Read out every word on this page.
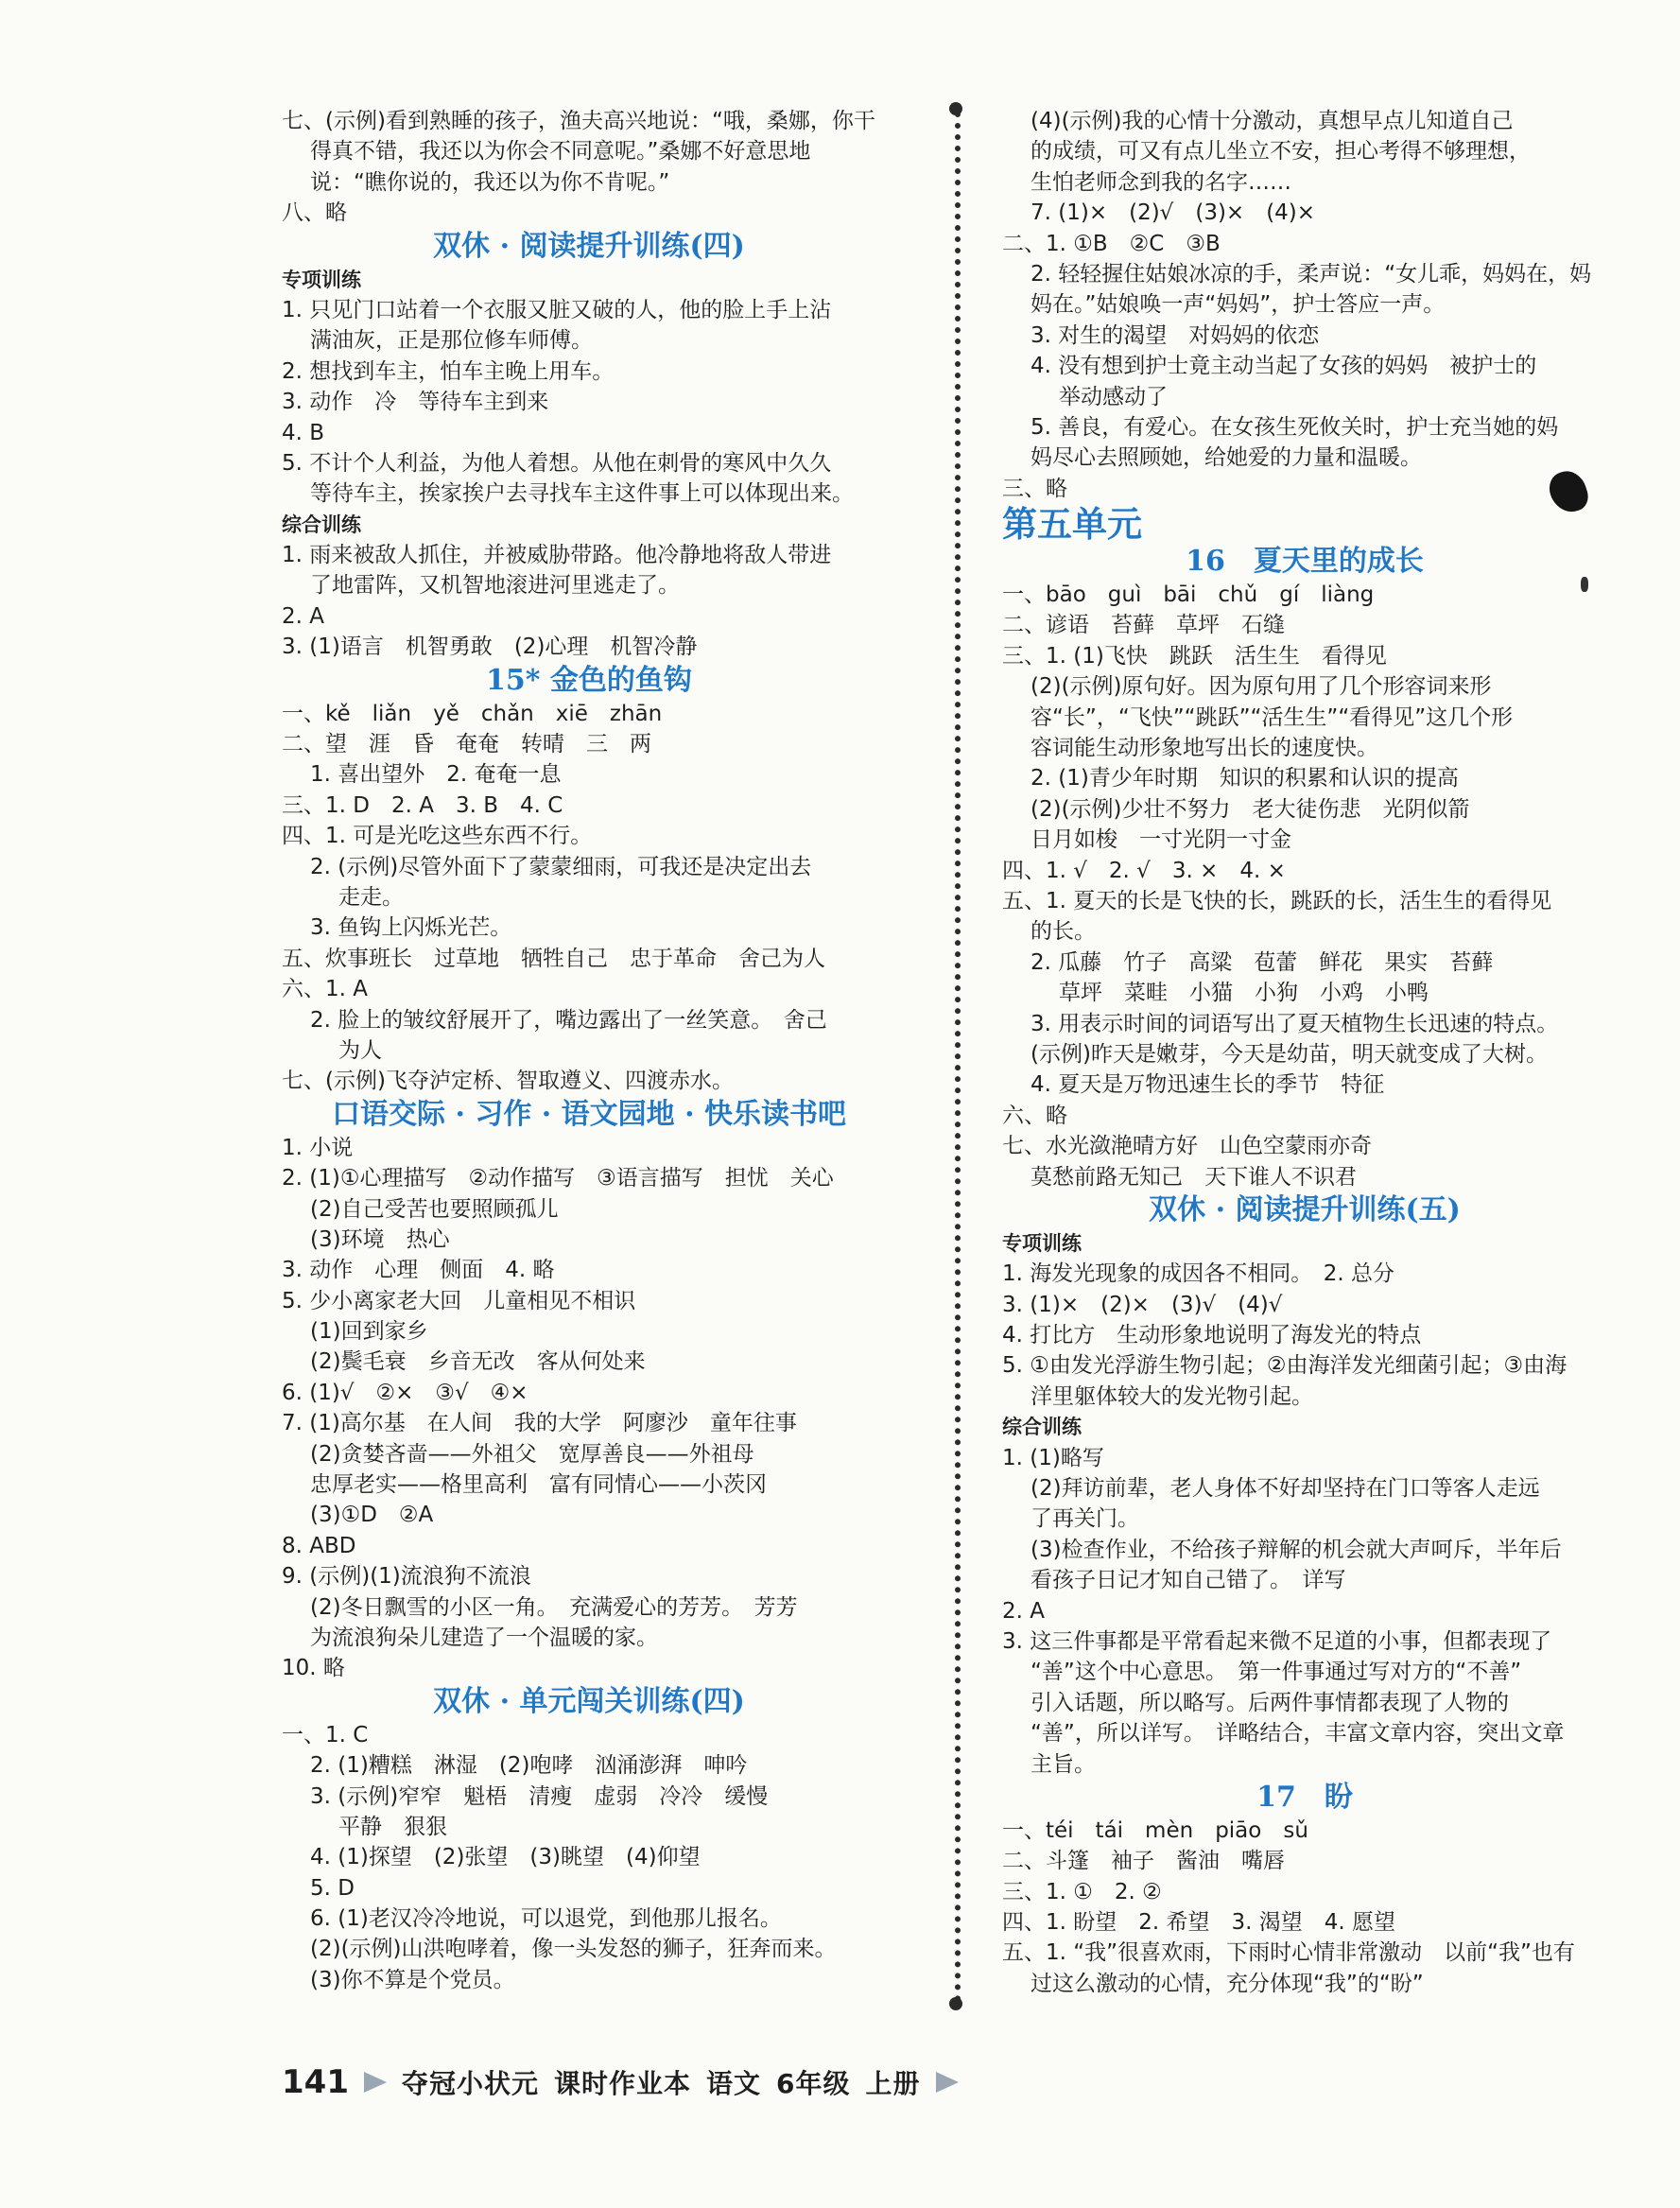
七、(示例)看到熟睡的孩子，渔夫高兴地说：“哦，桑娜，你干
得真不错，我还以为你会不同意呢。”桑娜不好意思地
说：“瞧你说的，我还以为你不肯呢。”
八、略
双休 · 阅读提升训练(四)
专项训练
1. 只见门口站着一个衣服又脏又破的人，他的脸上手上沾
满油灰，正是那位修车师傅。
2. 想找到车主，怕车主晚上用车。
3. 动作　冷　等待车主到来
4. B
5. 不计个人利益，为他人着想。从他在刺骨的寒风中久久
等待车主，挨家挨户去寻找车主这件事上可以体现出来。
综合训练
1. 雨来被敌人抓住，并被威胁带路。他冷静地将敌人带进
了地雷阵，又机智地滚进河里逃走了。
2. A
3. (1)语言　机智勇敢　(2)心理　机智冷静
15* 金色的鱼钩
一、kě　liǎn　yě　chǎn　xiē　zhān
二、望　涯　昏　奄奄　转晴　三　两
1. 喜出望外　2. 奄奄一息
三、1. D　2. A　3. B　4. C
四、1. 可是光吃这些东西不行。
2. (示例)尽管外面下了蒙蒙细雨，可我还是决定出去
走走。
3. 鱼钩上闪烁光芒。
五、炊事班长　过草地　牺牲自己　忠于革命　舍己为人
六、1. A
2. 脸上的皱纹舒展开了，嘴边露出了一丝笑意。　舍己
为人
七、(示例)飞夺泸定桥、智取遵义、四渡赤水。
口语交际 · 习作 · 语文园地 · 快乐读书吧
1. 小说
2. (1)①心理描写　②动作描写　③语言描写　担忧　关心
(2)自己受苦也要照顾孤儿
(3)环境　热心
3. 动作　心理　侧面　4. 略
5. 少小离家老大回　儿童相见不相识
(1)回到家乡
(2)鬓毛衰　乡音无改　客从何处来
6. (1)√　②×　③√　④×
7. (1)高尔基　在人间　我的大学　阿廖沙　童年往事
(2)贪婪吝啬——外祖父　宽厚善良——外祖母
忠厚老实——格里高利　富有同情心——小茨冈
(3)①D　②A
8. ABD
9. (示例)(1)流浪狗不流浪
(2)冬日飘雪的小区一角。　充满爱心的芳芳。　芳芳
为流浪狗朵儿建造了一个温暖的家。
10. 略
双休 · 单元闯关训练(四)
一、1. C
2. (1)糟糕　淋湿　(2)咆哮　汹涌澎湃　呻吟
3. (示例)窄窄　魁梧　清瘦　虚弱　冷冷　缓慢
平静　狠狠
4. (1)探望　(2)张望　(3)眺望　(4)仰望
5. D
6. (1)老汉冷冷地说，可以退党，到他那儿报名。
(2)(示例)山洪咆哮着，像一头发怒的狮子，狂奔而来。
(3)你不算是个党员。
(4)(示例)我的心情十分激动，真想早点儿知道自己
的成绩，可又有点儿坐立不安，担心考得不够理想，
生怕老师念到我的名字……
7. (1)×　(2)√　(3)×　(4)×
二、1. ①B　②C　③B
2. 轻轻握住姑娘冰凉的手，柔声说：“女儿乖，妈妈在，妈
妈在。”姑娘唤一声“妈妈”，护士答应一声。
3. 对生的渴望　对妈妈的依恋
4. 没有想到护士竟主动当起了女孩的妈妈　被护士的
举动感动了
5. 善良，有爱心。在女孩生死攸关时，护士充当她的妈
妈尽心去照顾她，给她爱的力量和温暖。
三、略
第五单元
16　夏天里的成长
一、bāo　guì　bāi　chǔ　gí　liàng
二、谚语　苔藓　草坪　石缝
三、1. (1)飞快　跳跃　活生生　看得见
(2)(示例)原句好。因为原句用了几个形容词来形
容“长”，“飞快”“跳跃”“活生生”“看得见”这几个形
容词能生动形象地写出长的速度快。
2. (1)青少年时期　知识的积累和认识的提高
(2)(示例)少壮不努力　老大徒伤悲　光阴似箭
日月如梭　一寸光阴一寸金
四、1. √　2. √　3. ×　4. ×
五、1. 夏天的长是飞快的长，跳跃的长，活生生的看得见
的长。
2. 瓜藤　竹子　高粱　苞蕾　鲜花　果实　苔藓
草坪　菜畦　小猫　小狗　小鸡　小鸭
3. 用表示时间的词语写出了夏天植物生长迅速的特点。
(示例)昨天是嫩芽，今天是幼苗，明天就变成了大树。
4. 夏天是万物迅速生长的季节　特征
六、略
七、水光潋滟晴方好　山色空蒙雨亦奇
莫愁前路无知己　天下谁人不识君
双休 · 阅读提升训练(五)
专项训练
1. 海发光现象的成因各不相同。　2. 总分
3. (1)×　(2)×　(3)√　(4)√
4. 打比方　生动形象地说明了海发光的特点
5. ①由发光浮游生物引起；②由海洋发光细菌引起；③由海
洋里躯体较大的发光物引起。
综合训练
1. (1)略写
(2)拜访前辈，老人身体不好却坚持在门口等客人走远
了再关门。
(3)检查作业，不给孩子辩解的机会就大声呵斥，半年后
看孩子日记才知自己错了。　详写
2. A
3. 这三件事都是平常看起来微不足道的小事，但都表现了
“善”这个中心意思。　第一件事通过写对方的“不善”
引入话题，所以略写。后两件事情都表现了人物的
“善”，所以详写。　详略结合，丰富文章内容，突出文章
主旨。
17　盼
一、téi　tái　mèn　piāo　sǔ
二、斗篷　袖子　酱油　嘴唇
三、1. ①　2. ②
四、1. 盼望　2. 希望　3. 渴望　4. 愿望
五、1. “我”很喜欢雨，下雨时心情非常激动　以前“我”也有
过这么激动的心情，充分体现“我”的“盼”
141 夺冠小状元 课时作业本 语文 6年级 上册
